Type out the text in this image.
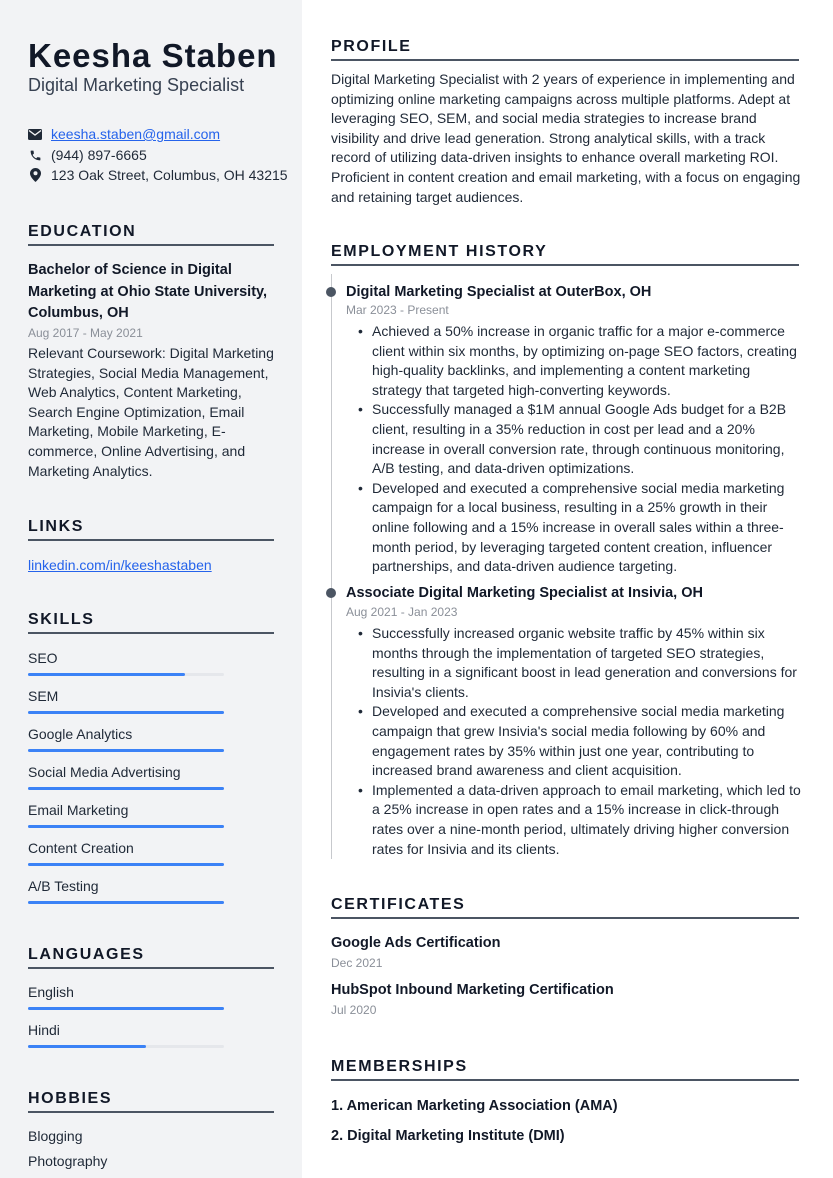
Keesha Staben
Digital Marketing Specialist
keesha.staben@gmail.com
(944) 897-6665
123 Oak Street, Columbus, OH 43215
EDUCATION
Bachelor of Science in Digital Marketing at Ohio State University, Columbus, OH
Aug 2017 - May 2021
Relevant Coursework: Digital Marketing Strategies, Social Media Management, Web Analytics, Content Marketing, Search Engine Optimization, Email Marketing, Mobile Marketing, E-commerce, Online Advertising, and Marketing Analytics.
LINKS
linkedin.com/in/keeshastaben
SKILLS
SEO
SEM
Google Analytics
Social Media Advertising
Email Marketing
Content Creation
A/B Testing
LANGUAGES
English
Hindi
HOBBIES
Blogging
Photography
PROFILE
Digital Marketing Specialist with 2 years of experience in implementing and optimizing online marketing campaigns across multiple platforms. Adept at leveraging SEO, SEM, and social media strategies to increase brand visibility and drive lead generation. Strong analytical skills, with a track record of utilizing data-driven insights to enhance overall marketing ROI. Proficient in content creation and email marketing, with a focus on engaging and retaining target audiences.
EMPLOYMENT HISTORY
Digital Marketing Specialist at OuterBox, OH
Mar 2023 - Present
• Achieved a 50% increase in organic traffic for a major e-commerce client within six months, by optimizing on-page SEO factors, creating high-quality backlinks, and implementing a content marketing strategy that targeted high-converting keywords.
• Successfully managed a $1M annual Google Ads budget for a B2B client, resulting in a 35% reduction in cost per lead and a 20% increase in overall conversion rate, through continuous monitoring, A/B testing, and data-driven optimizations.
• Developed and executed a comprehensive social media marketing campaign for a local business, resulting in a 25% growth in their online following and a 15% increase in overall sales within a three-month period, by leveraging targeted content creation, influencer partnerships, and data-driven audience targeting.
Associate Digital Marketing Specialist at Insivia, OH
Aug 2021 - Jan 2023
• Successfully increased organic website traffic by 45% within six months through the implementation of targeted SEO strategies, resulting in a significant boost in lead generation and conversions for Insivia's clients.
• Developed and executed a comprehensive social media marketing campaign that grew Insivia's social media following by 60% and engagement rates by 35% within just one year, contributing to increased brand awareness and client acquisition.
• Implemented a data-driven approach to email marketing, which led to a 25% increase in open rates and a 15% increase in click-through rates over a nine-month period, ultimately driving higher conversion rates for Insivia and its clients.
CERTIFICATES
Google Ads Certification
Dec 2021
HubSpot Inbound Marketing Certification
Jul 2020
MEMBERSHIPS
1. American Marketing Association (AMA)
2. Digital Marketing Institute (DMI)
